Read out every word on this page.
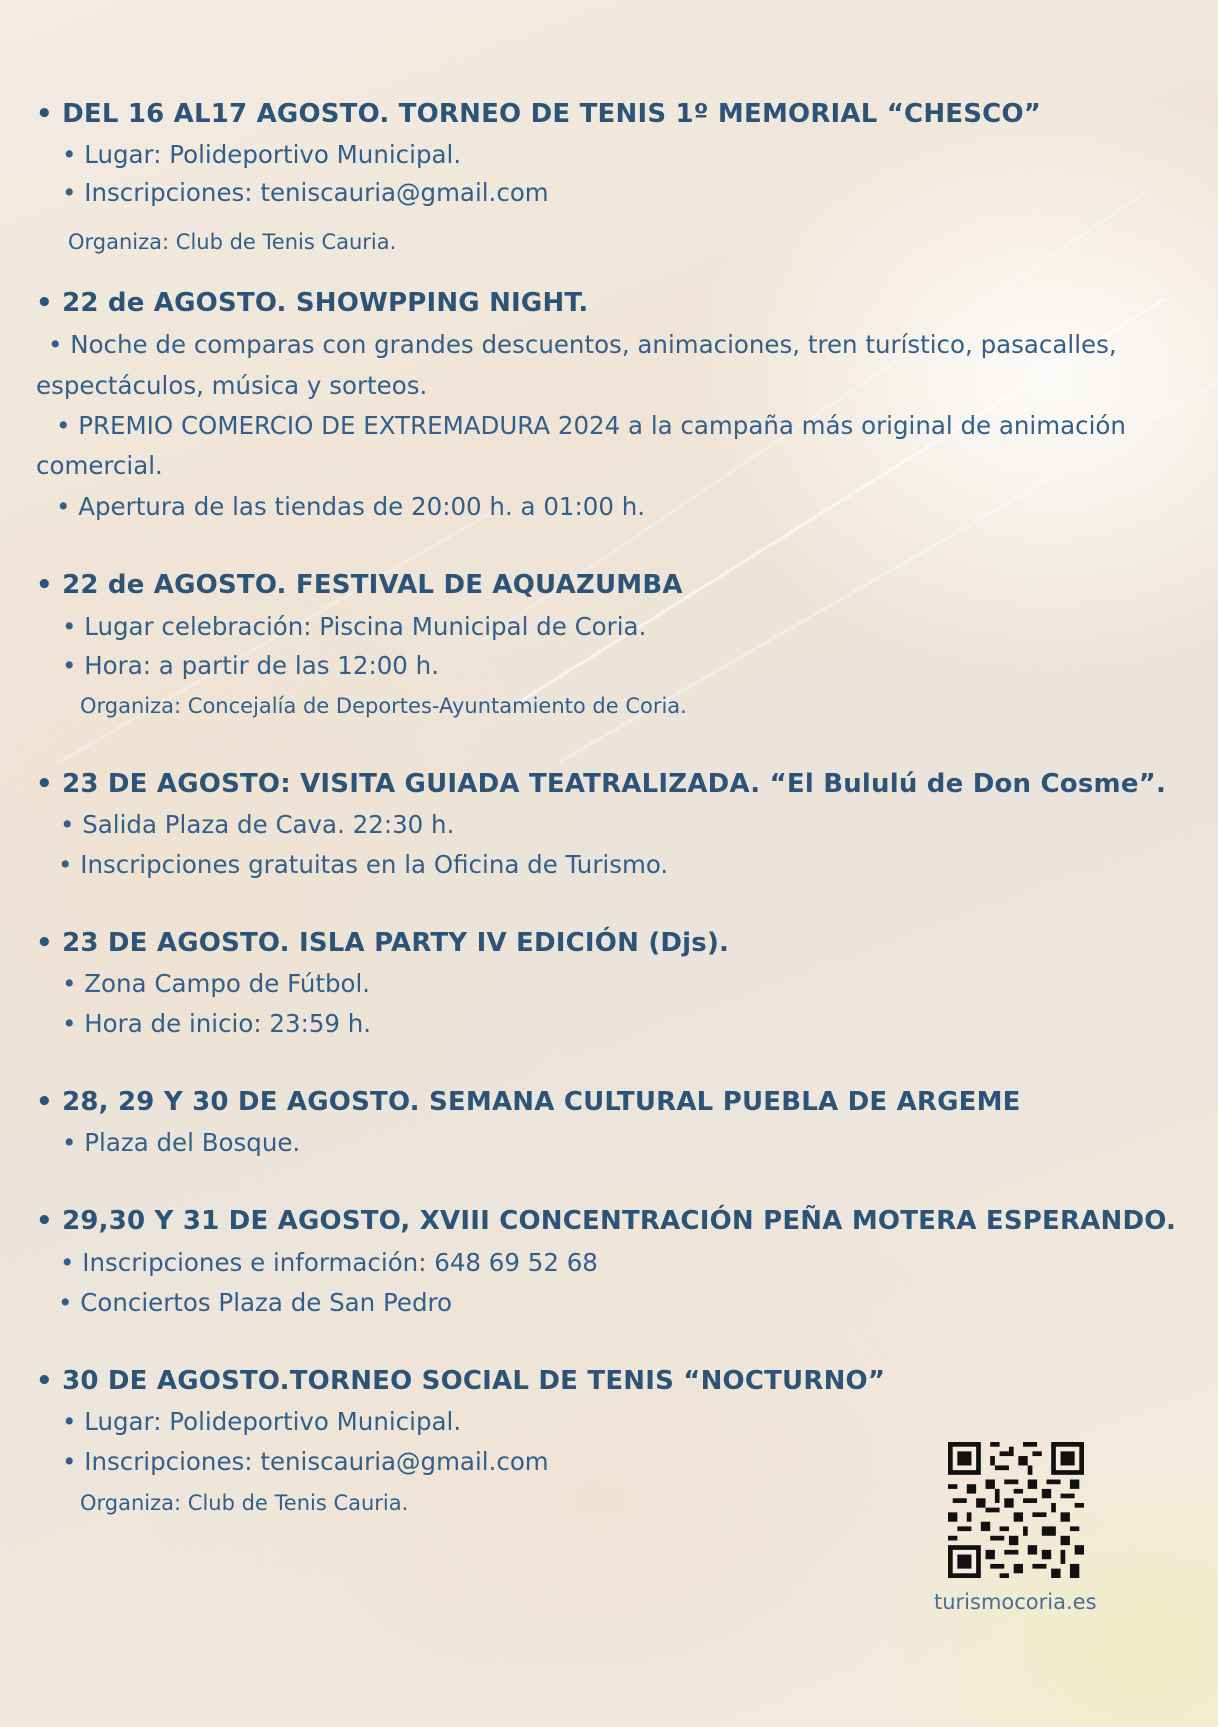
• DEL 16 AL17 AGOSTO. TORNEO DE TENIS 1º MEMORIAL “CHESCO”
• Lugar: Polideportivo Municipal.
• Inscripciones: teniscauria@gmail.com
Organiza: Club de Tenis Cauria.
• 22 de AGOSTO. SHOWPPING NIGHT.
• Noche de comparas con grandes descuentos, animaciones, tren turístico, pasacalles,
espectáculos, música y sorteos.
• PREMIO COMERCIO DE EXTREMADURA 2024 a la campaña más original de animación
comercial.
• Apertura de las tiendas de 20:00 h. a 01:00 h.
• 22 de AGOSTO. FESTIVAL DE AQUAZUMBA
• Lugar celebración: Piscina Municipal de Coria.
• Hora: a partir de las 12:00 h.
Organiza: Concejalía de Deportes-Ayuntamiento de Coria.
• 23 DE AGOSTO: VISITA GUIADA TEATRALIZADA. “El Bululú de Don Cosme”.
• Salida Plaza de Cava. 22:30 h.
• Inscripciones gratuitas en la Oficina de Turismo.
• 23 DE AGOSTO. ISLA PARTY IV EDICIÓN (Djs).
• Zona Campo de Fútbol.
• Hora de inicio: 23:59 h.
• 28, 29 Y 30 DE AGOSTO. SEMANA CULTURAL PUEBLA DE ARGEME
• Plaza del Bosque.
• 29,30 Y 31 DE AGOSTO, XVIII CONCENTRACIÓN PEÑA MOTERA ESPERANDO.
• Inscripciones e información: 648 69 52 68
• Conciertos Plaza de San Pedro
• 30 DE AGOSTO.TORNEO SOCIAL DE TENIS “NOCTURNO”
• Lugar: Polideportivo Municipal.
• Inscripciones: teniscauria@gmail.com
Organiza: Club de Tenis Cauria.
turismocoria.es
